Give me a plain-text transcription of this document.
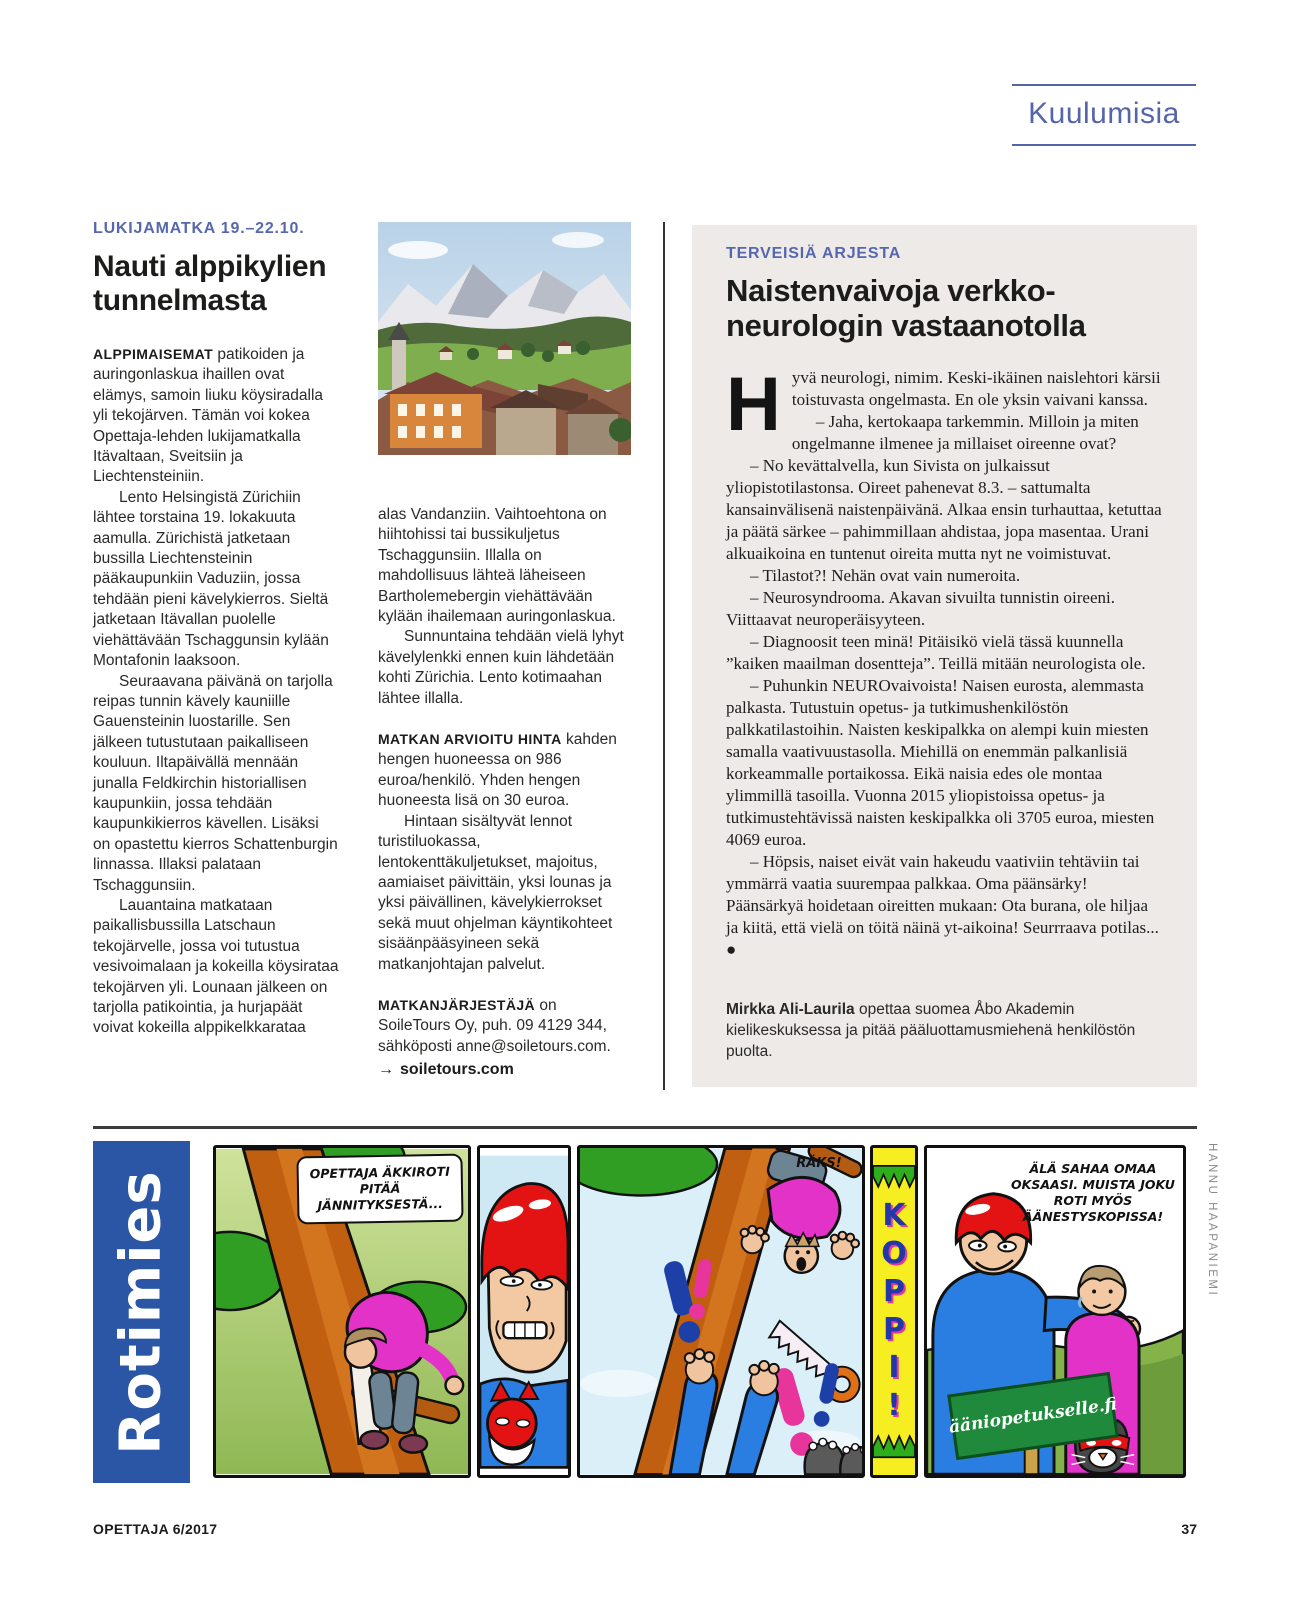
Kuulumisia
LUKIJAMATKA 19.–22.10.
Nauti alppikylien tunnelmasta

ALPPIMAISEMAT patikoiden ja auringonlaskua ihaillen ovat elämys, samoin liuku köysiradalla yli tekojärven. Tämän voi kokea Opettaja-lehden lukijamatkalla Itävaltaan, Sveitsiin ja Liechtensteiniin.

Lento Helsingistä Zürichiin lähtee torstaina 19. lokakuuta aamulla. Zürichistä jatketaan bussilla Liechtensteinin pääkaupunkiin Vaduziin, jossa tehdään pieni kävelykierros. Sieltä jatketaan Itävallan puolelle viehättävään Tschaggunsin kylään Montafonin laaksoon.

Seuraavana päivänä on tarjolla reipas tunnin kävely kauniille Gauensteinin luostarille. Sen jälkeen tutustutaan paikalliseen kouluun. Iltapäivällä mennään junalla Feldkirchin historiallisen kaupunkiin, jossa tehdään kaupunkikierros kävellen. Lisäksi on opastettu kierros Schattenburgin linnassa. Illaksi palataan Tschaggunsiin.

Lauantaina matkataan paikallisbussilla Latschaun tekojärvelle, jossa voi tutustua vesivoimalaan ja kokeilla köysirataa tekojärven yli. Lounaan jälkeen on tarjolla patikointia, ja hurjapäät voivat kokeilla alppikelkkarataa

alas Vandanziin. Vaihtoehtona on hiihtohissi tai bussikuljetus Tschaggunsiin. Illalla on mahdollisuus lähteä läheiseen Bartholemebergin viehättävään kylään ihailemaan auringonlaskua.

Sunnuntaina tehdään vielä lyhyt kävelylenkki ennen kuin lähdetään kohti Zürichia. Lento kotimaahan lähtee illalla.

MATKAN ARVIOITU HINTA kahden hengen huoneessa on 986 euroa/henkilö. Yhden hengen huoneesta lisä on 30 euroa.

Hintaan sisältyvät lennot turistiluokassa, lentokenttäkuljetukset, majoitus, aamiaiset päivittäin, yksi lounas ja yksi päivällinen, kävelykierrokset sekä muut ohjelman käyntikohteet sisäänpääsyineen sekä matkanjohtajan palvelut.

MATKANJÄRJESTÄJÄ on SoileTours Oy, puh. 09 4129 344, sähköposti anne@soiletours.com.

→ soiletours.com
TERVEISIÄ ARJESTA
Naistenvaivoja verkko-neurologin vastaanotolla

Hyvä neurologi, nimim. Keski-ikäinen naislehtori kärsii toistuvasta ongelmasta. En ole yksin vaivani kanssa.

– Jaha, kertokaapa tarkemmin. Milloin ja miten ongelmanne ilmenee ja millaiset oireenne ovat?

– No kevättalvella, kun Sivista on julkaissut yliopistotilastonsa. Oireet pahenevat 8.3. – sattumalta kansainvälisenä naistenpäivänä. Alkaa ensin turhauttaa, ketuttaa ja päätä särkee – pahimmillaan ahdistaa, jopa masentaa. Urani alkuaikoina en tuntenut oireita mutta nyt ne voimistuvat.

– Tilastot?! Nehän ovat vain numeroita.

– Neurosyndrooma. Akavan sivuilta tunnistin oireeni. Viittaavat neuroperäisyyteen.

– Diagnoosit teen minä! Pitäisikö vielä tässä kuunnella ”kaiken maailman dosentteja”. Teillä mitään neurologista ole.

– Puhunkin NEUROvaivoista! Naisen eurosta, alemmasta palkasta. Tutustuin opetus- ja tutkimushenkilöstön palkkatilastoihin. Naisten keskipalkka on alempi kuin miesten samalla vaativuustasolla. Miehillä on enemmän palkanlisiä korkeammalle portaikossa. Eikä naisia edes ole montaa ylimmillä tasoilla. Vuonna 2015 yliopistoissa opetus- ja tutkimustehtävissä naisten keskipalkka oli 3705 euroa, miesten 4069 euroa.

– Höpsis, naiset eivät vain hakeudu vaativiin tehtäviin tai ymmärrä vaatia suurempaa palkkaa. Oma päänsärky! Päänsärkyä hoidetaan oireitten mukaan: Ota burana, ole hiljaa ja kiitä, että vielä on töitä näinä yt-aikoina! Seurrraava potilas... ●

Mirkka Ali-Laurila opettaa suomea Åbo Akademin kielikeskuksessa ja pitää pääluottamusmiehenä henkilöstön puolta.

Rotimies	OPETTAJA ÄKKIROTI PITÄÄ JÄNNITYKSESTÄ...
RÄKS!
KOPPI!
ÄLÄ SAHAA OMAA OKSAASI. MUISTA JOKU ROTI MYÖS ÄÄNESTYSKOPISSA!
ääniopetukselle.fi
HANNU HAAPANIEMI
OPETTAJA 6/2017	37
